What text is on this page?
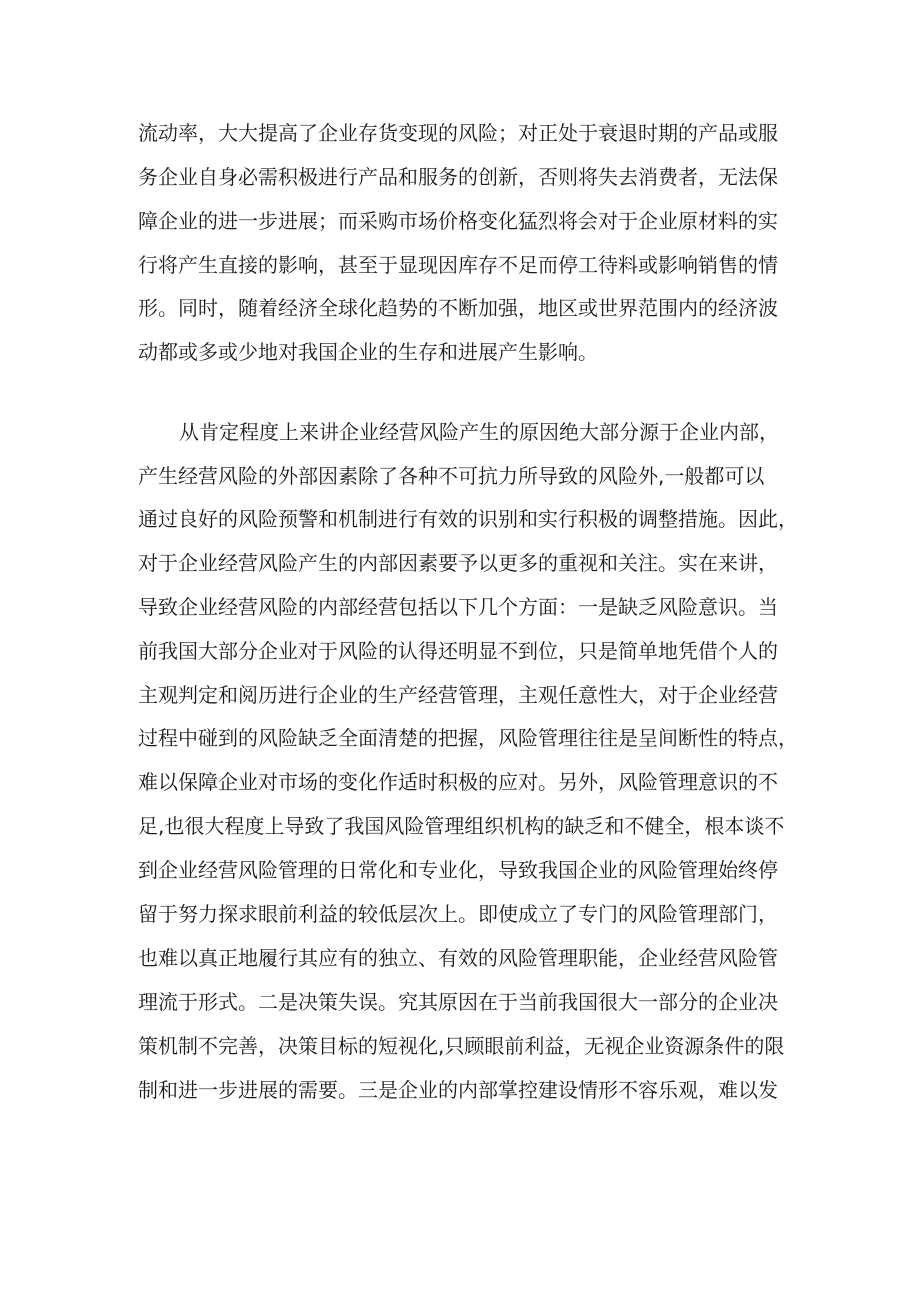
流动率，大大提高了企业存货变现的风险；对正处于衰退时期的产品或服

务企业自身必需积极进行产品和服务的创新，否则将失去消费者，无法保

障企业的进一步进展；而采购市场价格变化猛烈将会对于企业原材料的实

行将产生直接的影响，甚至于显现因库存不足而停工待料或影响销售的情

形。同时，随着经济全球化趋势的不断加强，地区或世界范围内的经济波

动都或多或少地对我国企业的生存和进展产生影响。

从肯定程度上来讲企业经营风险产生的原因绝大部分源于企业内部，

产生经营风险的外部因素除了各种不可抗力所导致的风险外,一般都可以

通过良好的风险预警和机制进行有效的识别和实行积极的调整措施。因此，

对于企业经营风险产生的内部因素要予以更多的重视和关注。实在来讲，

导致企业经营风险的内部经营包括以下几个方面：一是缺乏风险意识。当

前我国大部分企业对于风险的认得还明显不到位，只是简单地凭借个人的

主观判定和阅历进行企业的生产经营管理，主观任意性大，对于企业经营

过程中碰到的风险缺乏全面清楚的把握，风险管理往往是呈间断性的特点，

难以保障企业对市场的变化作适时积极的应对。另外，风险管理意识的不

足,也很大程度上导致了我国风险管理组织机构的缺乏和不健全，根本谈不

到企业经营风险管理的日常化和专业化，导致我国企业的风险管理始终停

留于努力探求眼前利益的较低层次上。即使成立了专门的风险管理部门，

也难以真正地履行其应有的独立、有效的风险管理职能，企业经营风险管

理流于形式。二是决策失误。究其原因在于当前我国很大一部分的企业决

策机制不完善，决策目标的短视化,只顾眼前利益，无视企业资源条件的限

制和进一步进展的需要。三是企业的内部掌控建设情形不容乐观，难以发
